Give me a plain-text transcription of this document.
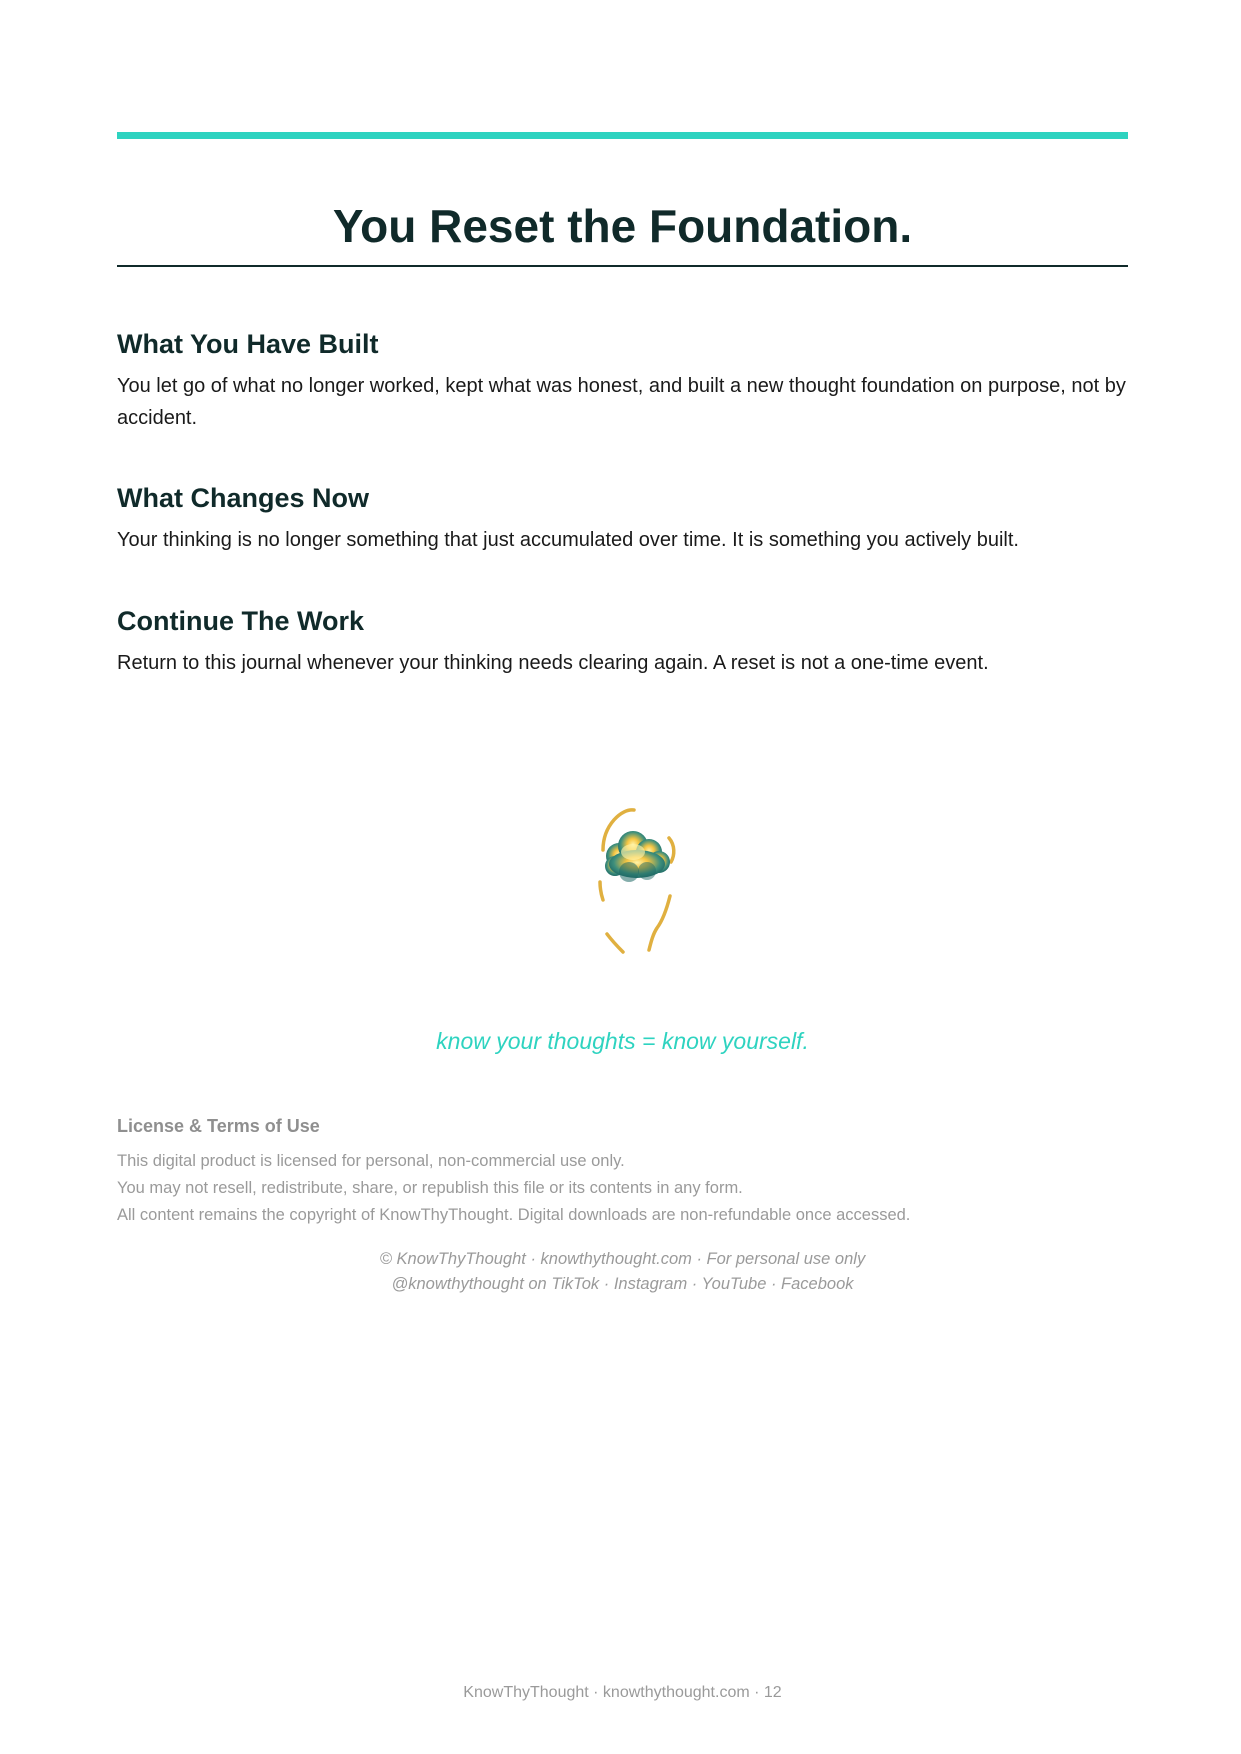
You Reset the Foundation.
What You Have Built

You let go of what no longer worked, kept what was honest, and built a new thought foundation on purpose, not by accident.

What Changes Now

Your thinking is no longer something that just accumulated over time. It is something you actively built.

Continue The Work

Return to this journal whenever your thinking needs clearing again. A reset is not a one-time event.

know your thoughts = know yourself.
License & Terms of Use
This digital product is licensed for personal, non-commercial use only.
You may not resell, redistribute, share, or republish this file or its contents in any form.
All content remains the copyright of KnowThyThought. Digital downloads are non-refundable once accessed.
© KnowThyThought · knowthythought.com · For personal use only
@knowthythought on TikTok · Instagram · YouTube · Facebook
KnowThyThought · knowthythought.com · 12
